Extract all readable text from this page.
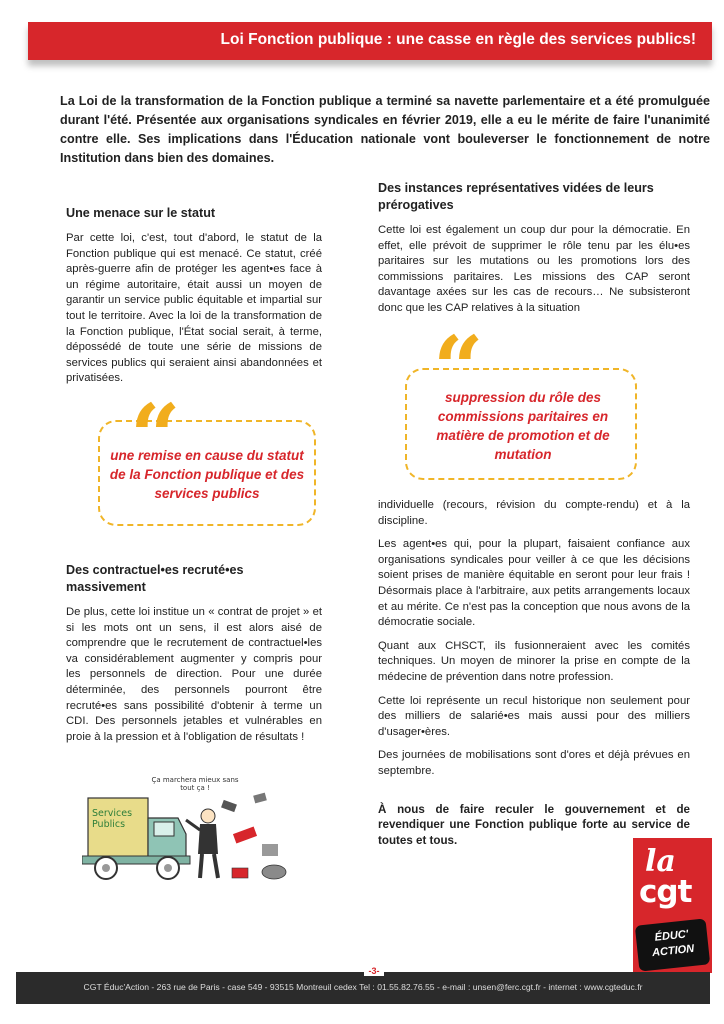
Loi Fonction publique : une casse en règle des services publics!
La Loi de la transformation de la Fonction publique a terminé sa navette parlementaire et a été promulguée durant l'été. Présentée aux organisations syndicales en février 2019, elle a eu le mérite de faire l'unanimité contre elle. Ses implications dans l'Éducation nationale vont bouleverser le fonctionnement de notre Institution dans bien des domaines.
Une menace sur le statut

Par cette loi, c'est, tout d'abord, le statut de la Fonction publique qui est menacé. Ce statut, créé après-guerre afin de protéger les agent•es face à un régime autoritaire, était aussi un moyen de garantir un service public équitable et impartial sur tout le territoire. Avec la loi de la transformation de la Fonction publique, l'État social serait, à terme, dépossédé de toute une série de missions de services publics qui seraient ainsi abandonnées et privatisées.

“
une remise en cause du statut de la Fonction publique et des services publics
Des contractuel•es recruté•es massivement

De plus, cette loi institue un « contrat de projet » et si les mots ont un sens, il est alors aisé de comprendre que le recrutement de contractuel•les va considérablement augmenter y compris pour les personnels de direction. Pour une durée déterminée, des personnels pourront être recruté•es sans possibilité d'obtenir à terme un CDI. Des personnels jetables et vulnérables en proie à la pression et à l'obligation de résultats !

Ça marchera mieux sans tout ça !
Services Publics
Des instances représentatives vidées de leurs prérogatives

Cette loi est également un coup dur pour la démocratie. En effet, elle prévoit de supprimer le rôle tenu par les élu•es paritaires sur les mutations ou les promotions lors des commissions paritaires. Les missions des CAP seront davantage axées sur les cas de recours… Ne subsisteront donc que les CAP relatives à la situation

“
suppression du rôle des commissions paritaires en matière de promotion et de mutation

individuelle (recours, révision du compte-rendu) et à la discipline.

Les agent•es qui, pour la plupart, faisaient confiance aux organisations syndicales pour veiller à ce que les décisions soient prises de manière équitable en seront pour leur frais ! Désormais place à l'arbitraire, aux petits arrangements locaux et au mérite. Ce n'est pas la conception que nous avons de la démocratie sociale.

Quant aux CHSCT, ils fusionneraient avec les comités techniques. Un moyen de minorer la prise en compte de la médecine de prévention dans notre profession.

Cette loi représente un recul historique non seulement pour des milliers de salarié•es mais aussi pour des milliers d'usager•ères.

Des journées de mobilisations sont d'ores et déjà prévues en septembre.

À nous de faire reculer le gouvernement et de revendiquer une Fonction publique forte au service de toutes et tous.

la
cgt
ÉDUC'
ACTION
CGT Éduc'Action - 263 rue de Paris - case 549 - 93515 Montreuil cedex Tel : 01.55.82.76.55 - e-mail : unsen@ferc.cgt.fr - internet : www.cgteduc.fr
-3-
